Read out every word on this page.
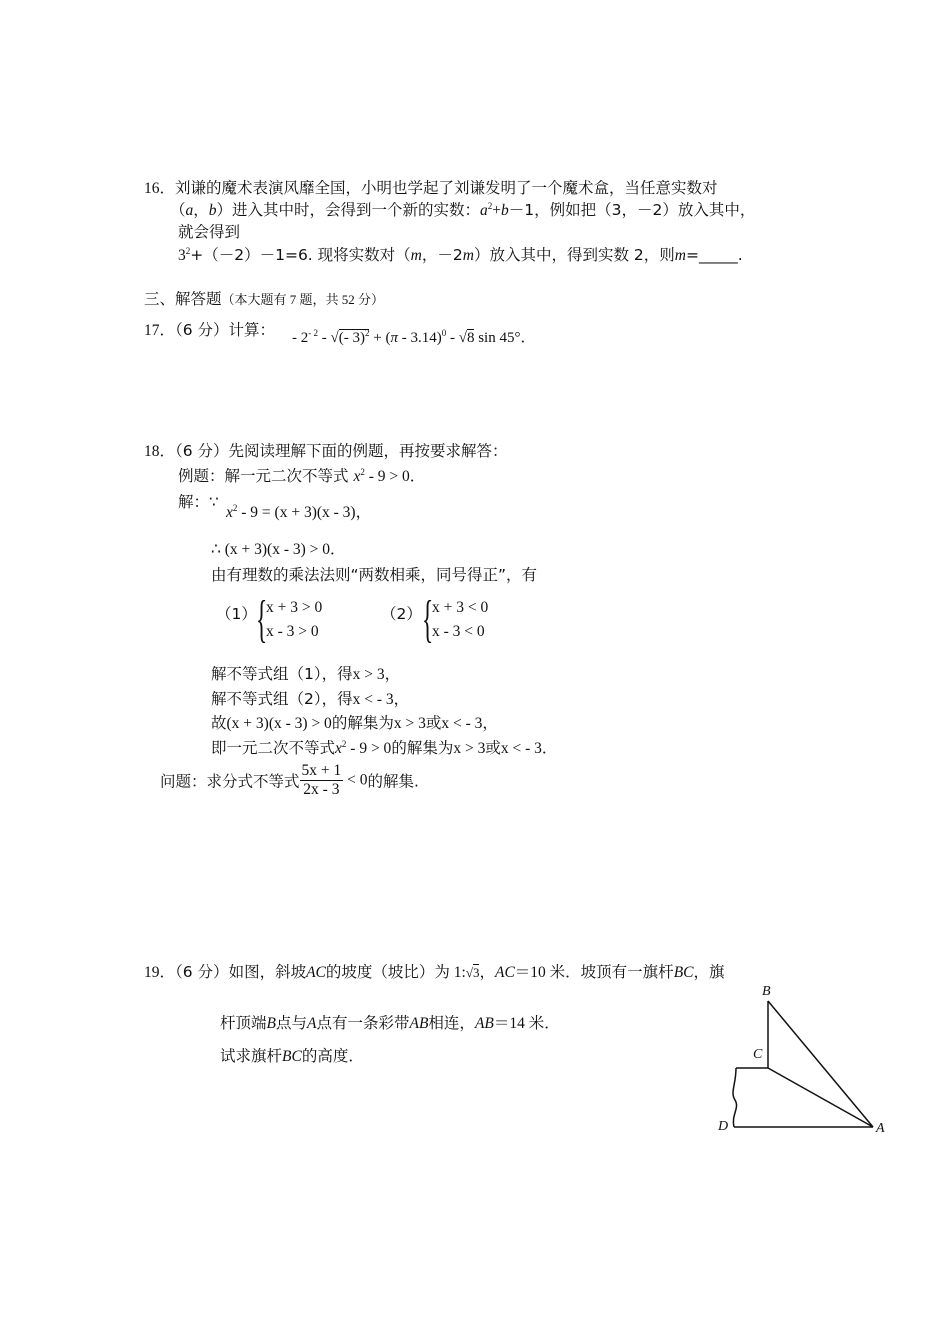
16．刘谦的魔术表演风靡全国，小明也学起了刘谦发明了一个魔术盒，当任意实数对
（a，b）进入其中时，会得到一个新的实数：$a^2+b-1$，例如把（3，－2）放入其中，
就会得到
$3^2+(-2)-1=6$. 现将实数对（m，－2m）放入其中，得到实数 2，则m=_____.
三、解答题（本大题有 7 题，共 52 分）
17．（6 分）计算： - $2^{- 2}$ - √(- 3)$^2$ + (π - 3.14)$^0$ - √8 sin 45°．
18．（6 分）先阅读理解下面的例题，再按要求解答：
例题：解一元二次不等式 $x^2 - 9 > 0$．
解：∵
$x^2 - 9 = (x + 3)(x - 3)$，
∴ (x + 3)(x - 3) > 0．
由有理数的乘法法则“两数相乘，同号得正”，有
（1） {
x + 3 > 0
x - 3 > 0
（2） {
x + 3 < 0
x - 3 < 0
解不等式组（1），得x > 3，
解不等式组（2），得x < - 3，
故(x + 3)(x - 3) > 0的解集为x > 3或x < - 3，
即一元二次不等式$x^2 - 9 > 0$的解集为x > 3或x < - 3．
问题：求分式不等式 $\frac{5x + 1}{2x - 3} < 0$的解集.
19．（6 分）如图，斜坡AC的坡度（坡比）为 1:√3，AC＝10 米．坡顶有一旗杆BC，旗
杆顶端B点与A点有一条彩带AB相连，AB＝14 米．
试求旗杆BC的高度．
B
C
D	A
